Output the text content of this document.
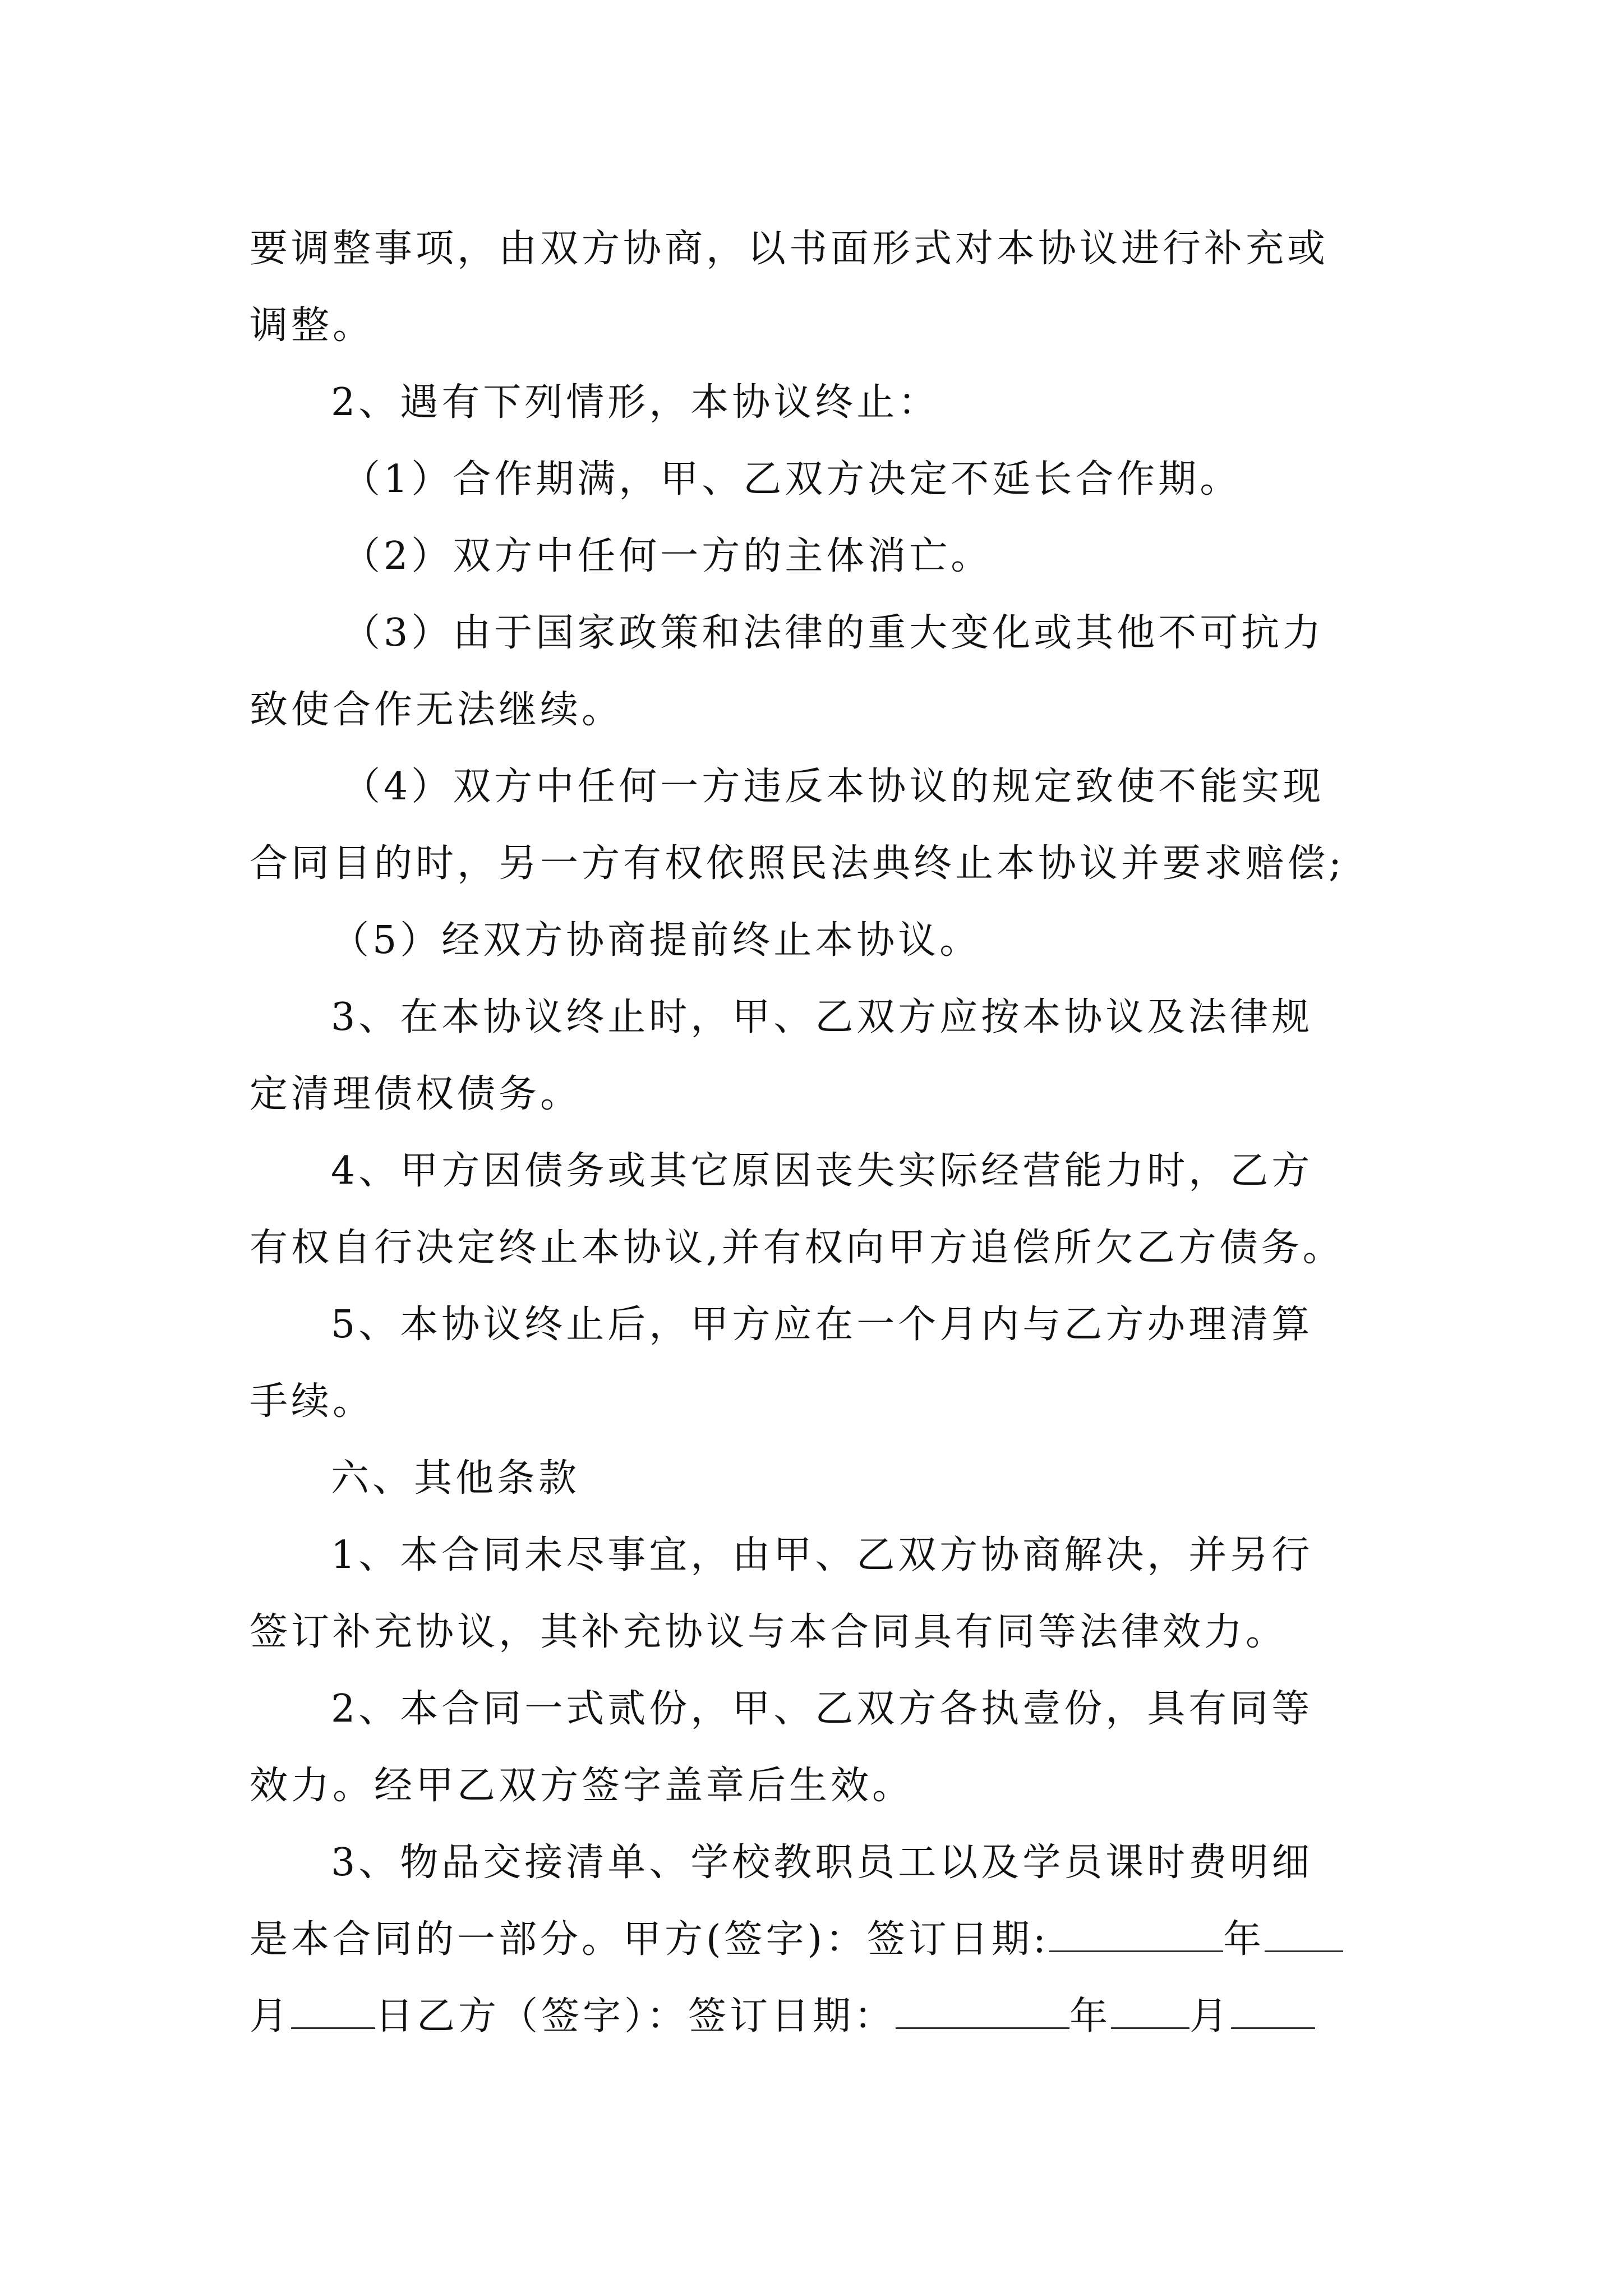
要调整事项，由双方协商，以书面形式对本协议进行补充或

调整。

2、遇有下列情形，本协议终止：

（1）合作期满，甲、乙双方决定不延长合作期。

（2）双方中任何一方的主体消亡。

（3）由于国家政策和法律的重大变化或其他不可抗力

致使合作无法继续。

（4）双方中任何一方违反本协议的规定致使不能实现

合同目的时，另一方有权依照民法典终止本协议并要求赔偿;

（5）经双方协商提前终止本协议。

3、在本协议终止时，甲、乙双方应按本协议及法律规

定清理债权债务。

4、甲方因债务或其它原因丧失实际经营能力时，乙方

有权自行决定终止本协议,并有权向甲方追偿所欠乙方债务。

5、本协议终止后，甲方应在一个月内与乙方办理清算

手续。

六、其他条款

1、本合同未尽事宜，由甲、乙双方协商解决，并另行

签订补充协议，其补充协议与本合同具有同等法律效力。

2、本合同一式贰份，甲、乙双方各执壹份，具有同等

效力。经甲乙双方签字盖章后生效。

3、物品交接清单、学校教职员工以及学员课时费明细

是本合同的一部分。甲方(签字)：签订日期:	年

月 日乙方（签字）：签订日期：	年 月
